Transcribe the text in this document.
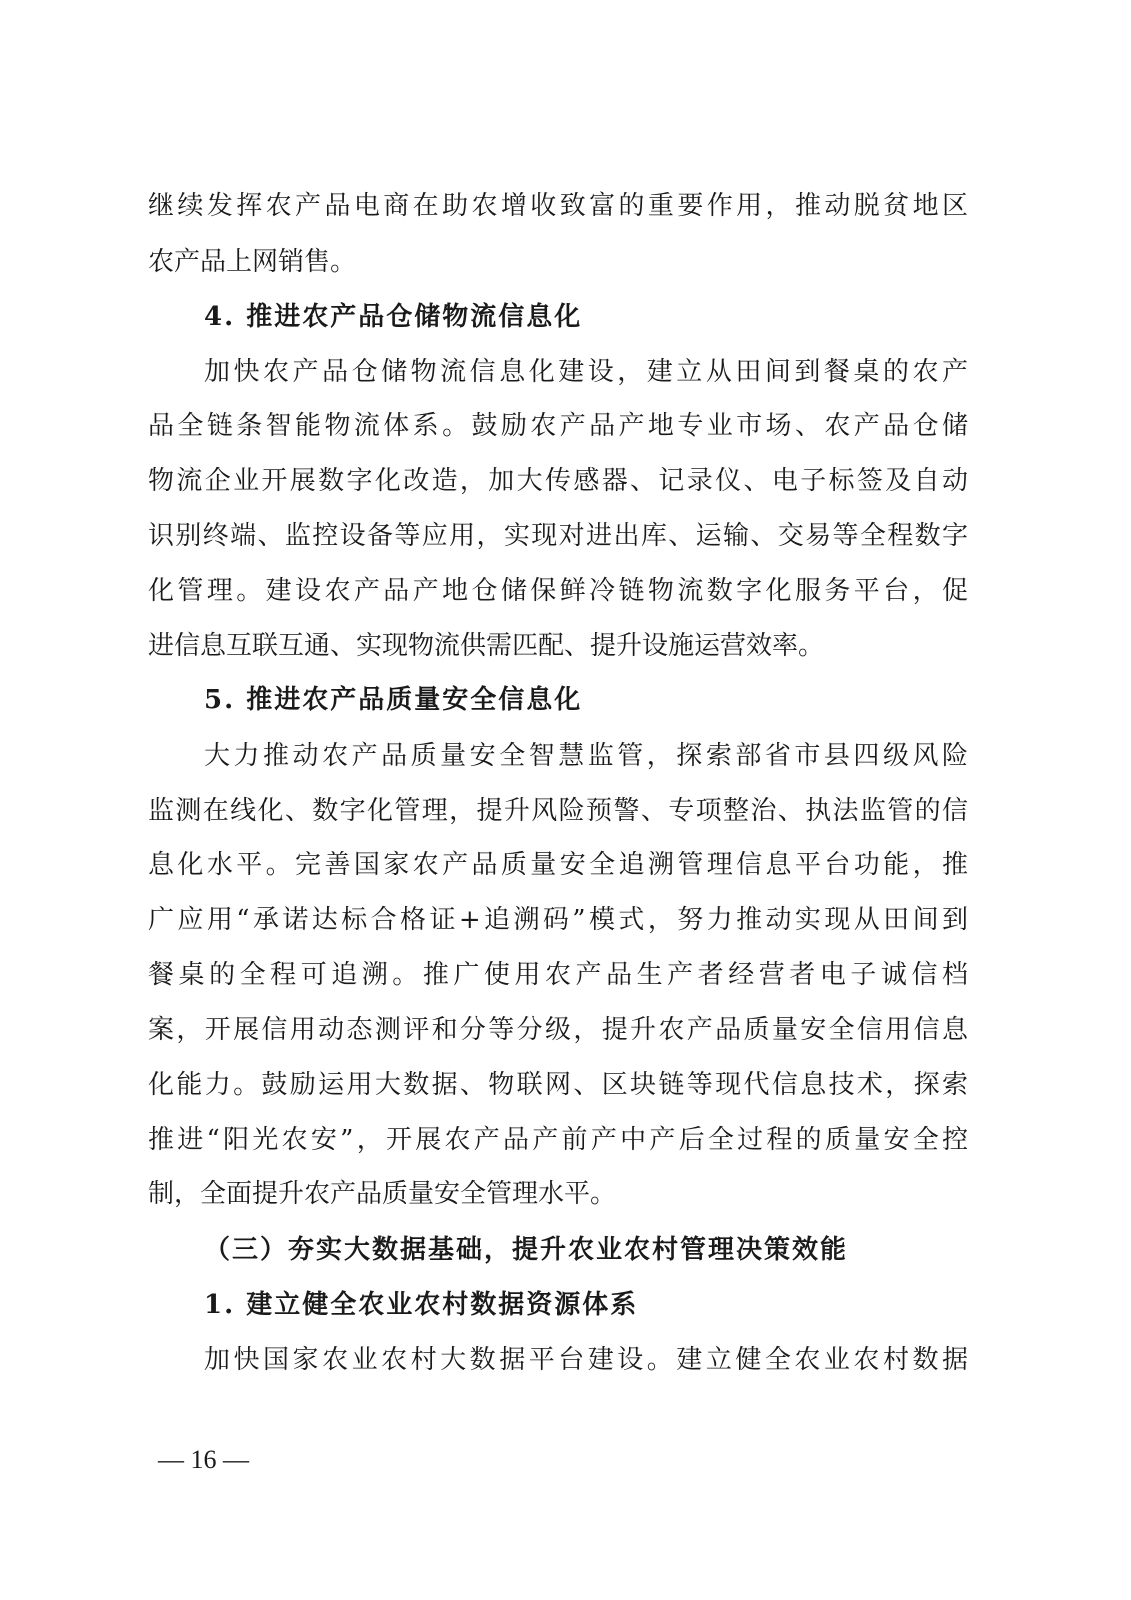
继续发挥农产品电商在助农增收致富的重要作用，推动脱贫地区
农产品上网销售。
4. 推进农产品仓储物流信息化
加快农产品仓储物流信息化建设，建立从田间到餐桌的农产
品全链条智能物流体系。鼓励农产品产地专业市场、农产品仓储
物流企业开展数字化改造，加大传感器、记录仪、电子标签及自动
识别终端、监控设备等应用，实现对进出库、运输、交易等全程数字
化管理。建设农产品产地仓储保鲜冷链物流数字化服务平台，促
进信息互联互通、实现物流供需匹配、提升设施运营效率。
5. 推进农产品质量安全信息化
大力推动农产品质量安全智慧监管，探索部省市县四级风险
监测在线化、数字化管理，提升风险预警、专项整治、执法监管的信
息化水平。完善国家农产品质量安全追溯管理信息平台功能，推
广应用“承诺达标合格证+追溯码”模式，努力推动实现从田间到
餐桌的全程可追溯。推广使用农产品生产者经营者电子诚信档
案，开展信用动态测评和分等分级，提升农产品质量安全信用信息
化能力。鼓励运用大数据、物联网、区块链等现代信息技术，探索
推进“阳光农安”，开展农产品产前产中产后全过程的质量安全控
制，全面提升农产品质量安全管理水平。
（三）夯实大数据基础，提升农业农村管理决策效能
1. 建立健全农业农村数据资源体系
加快国家农业农村大数据平台建设。建立健全农业农村数据
— 16 —
